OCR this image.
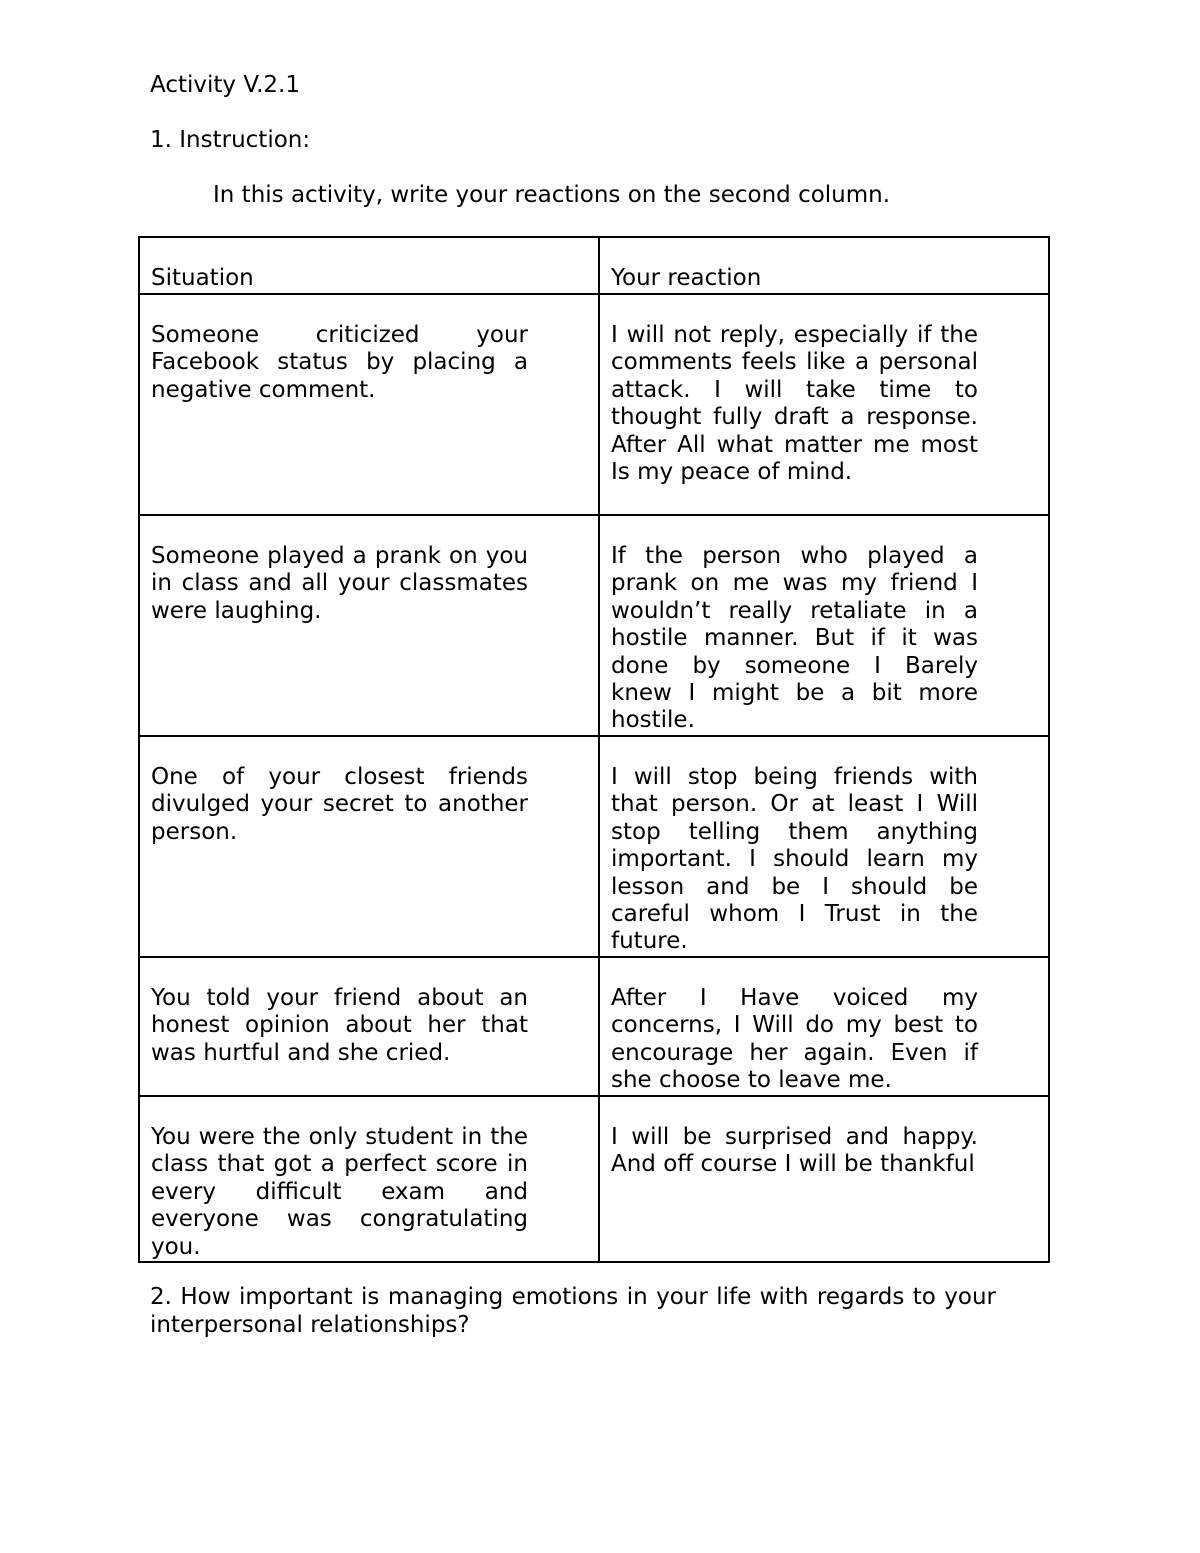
Activity V.2.1

1. Instruction:

In this activity, write your reactions on the second column.

Situation	Your reaction
Someone criticized your Facebook status by placing a negative comment.	I will not reply, especially if the comments feels like a personal attack. I will take time to thought fully draft a response. After All what matter me most Is my peace of mind.
Someone played a prank on you in class and all your classmates were laughing.	If the person who played a prank on me was my friend I wouldn’t really retaliate in a hostile manner. But if it was done by someone I Barely knew I might be a bit more hostile.
One of your closest friends divulged your secret to another person.	I will stop being friends with that person. Or at least I Will stop telling them anything important. I should learn my lesson and be I should be careful whom I Trust in the future.
You told your friend about an honest opinion about her that was hurtful and she cried.	After I Have voiced my concerns, I Will do my best to encourage her again. Even if she choose to leave me.
You were the only student in the class that got a perfect score in every difficult exam and everyone was congratulating you.	I will be surprised and happy. And off course I will be thankful

2. How important is managing emotions in your life with regards to your interpersonal relationships?
